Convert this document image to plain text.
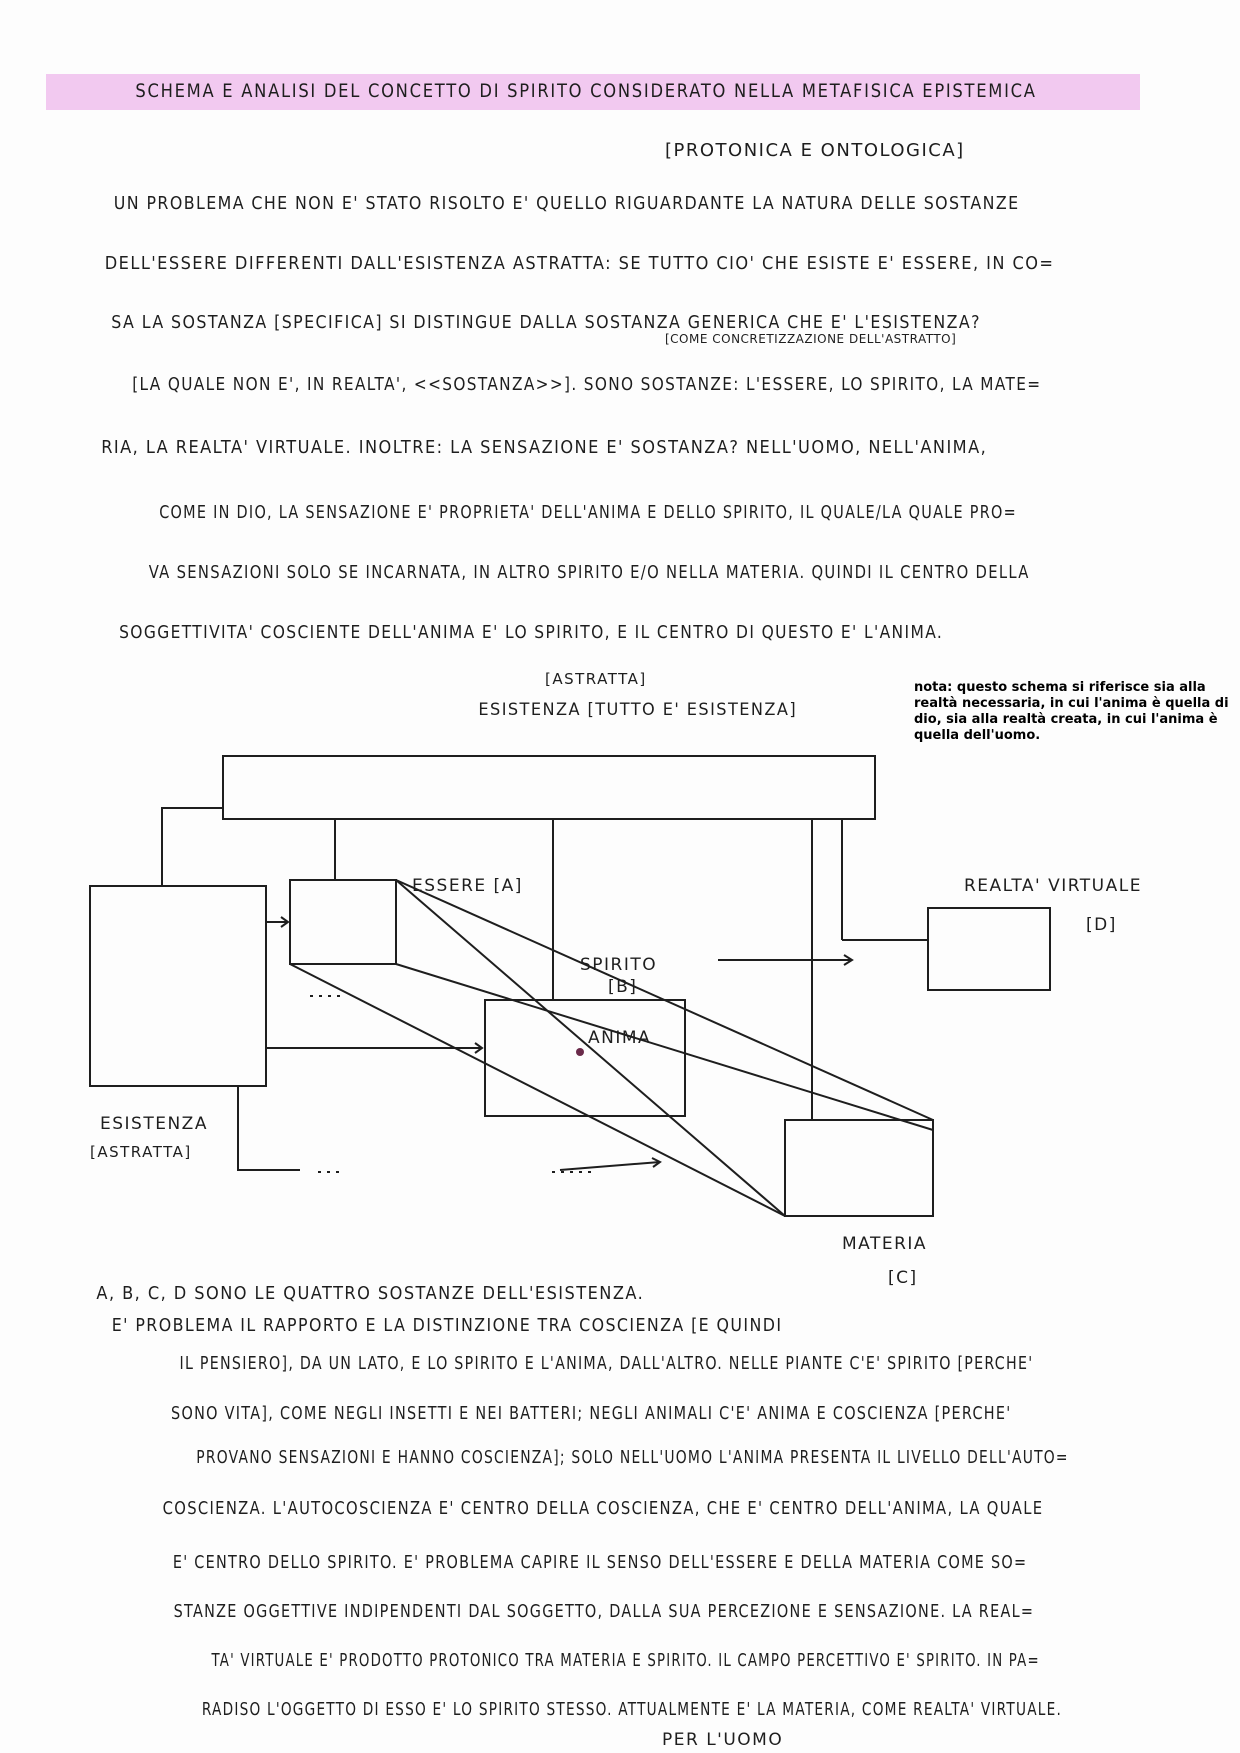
SCHEMA E ANALISI DEL CONCETTO DI SPIRITO CONSIDERATO NELLA METAFISICA EPISTEMICA
[PROTONICA E ONTOLOGICA]
UN PROBLEMA CHE NON E' STATO RISOLTO E' QUELLO RIGUARDANTE LA NATURA DELLE SOSTANZE
DELL'ESSERE DIFFERENTI DALL'ESISTENZA ASTRATTA: SE TUTTO CIO' CHE ESISTE E' ESSERE, IN CO=
SA LA SOSTANZA [SPECIFICA] SI DISTINGUE DALLA SOSTANZA GENERICA CHE E' L'ESISTENZA?
[COME CONCRETIZZAZIONE DELL'ASTRATTO]
[LA QUALE NON E', IN REALTA', <<SOSTANZA>>]. SONO SOSTANZE: L'ESSERE, LO SPIRITO, LA MATE=
RIA, LA REALTA' VIRTUALE. INOLTRE: LA SENSAZIONE E' SOSTANZA? NELL'UOMO, NELL'ANIMA,
COME IN DIO, LA SENSAZIONE E' PROPRIETA' DELL'ANIMA E DELLO SPIRITO, IL QUALE/LA QUALE PRO=
VA SENSAZIONI SOLO SE INCARNATA, IN ALTRO SPIRITO E/O NELLA MATERIA. QUINDI IL CENTRO DELLA
SOGGETTIVITA' COSCIENTE DELL'ANIMA E' LO SPIRITO, E IL CENTRO DI QUESTO E' L'ANIMA.
[ASTRATTA]
ESISTENZA [TUTTO E' ESISTENZA]
nota: questo schema si riferisce sia alla realtà necessaria, in cui l'anima è quella di dio, sia alla realtà creata, in cui l'anima è quella dell'uomo.
ESSERE [A]
SPIRITO
[B]
ANIMA
REALTA' VIRTUALE
[D]
ESISTENZA
[ASTRATTA]
MATERIA
[C]
A, B, C, D SONO LE QUATTRO SOSTANZE DELL'ESISTENZA.
E' PROBLEMA IL RAPPORTO E LA DISTINZIONE TRA COSCIENZA [E QUINDI
IL PENSIERO], DA UN LATO, E LO SPIRITO E L'ANIMA, DALL'ALTRO. NELLE PIANTE C'E' SPIRITO [PERCHE'
SONO VITA], COME NEGLI INSETTI E NEI BATTERI; NEGLI ANIMALI C'E' ANIMA E COSCIENZA [PERCHE'
PROVANO SENSAZIONI E HANNO COSCIENZA]; SOLO NELL'UOMO L'ANIMA PRESENTA IL LIVELLO DELL'AUTO=
COSCIENZA. L'AUTOCOSCIENZA E' CENTRO DELLA COSCIENZA, CHE E' CENTRO DELL'ANIMA, LA QUALE
E' CENTRO DELLO SPIRITO. E' PROBLEMA CAPIRE IL SENSO DELL'ESSERE E DELLA MATERIA COME SO=
STANZE OGGETTIVE INDIPENDENTI DAL SOGGETTO, DALLA SUA PERCEZIONE E SENSAZIONE. LA REAL=
TA' VIRTUALE E' PRODOTTO PROTONICO TRA MATERIA E SPIRITO. IL CAMPO PERCETTIVO E' SPIRITO. IN PA=
RADISO L'OGGETTO DI ESSO E' LO SPIRITO STESSO. ATTUALMENTE E' LA MATERIA, COME REALTA' VIRTUALE.
PER L'UOMO
